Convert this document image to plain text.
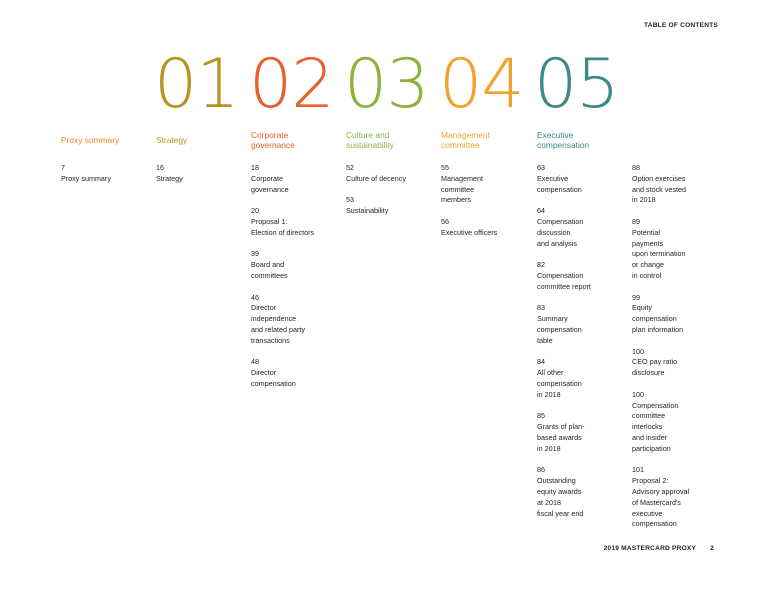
TABLE OF CONTENTS
01 02 03 04 05
Proxy summary	Strategy	Corporate
governance
Culture and
sustainability
Management
committee
Executive
compensation
7
Proxy summary
16
Strategy
18
Corporate
governance
20
Proposal 1:
Election of directors
39
Board and
committees
46
Director
independence
and related party
transactions
48
Director
compensation
52
Culture of decency
53
Sustainability
55
Management
committee
members
56
Executive officers
63
Executive
compensation
64
Compensation
discussion
and analysis
82
Compensation
committee report
83
Summary
compensation
table
84
All other
compensation
in 2018
85
Grants of plan-
based awards
in 2018
86
Outstanding
equity awards
at 2018
fiscal year end
88
Option exercises
and stock vested
in 2018
89
Potential
payments
upon termination
or change
in control
99
Equity
compensation
plan information
100
CEO pay ratio
disclosure
100
Compensation
committee
interlocks
and insider
participation
101
Proposal 2:
Advisory approval
of Mastercard's
executive
compensation
2019 MASTERCARD PROXY 2
